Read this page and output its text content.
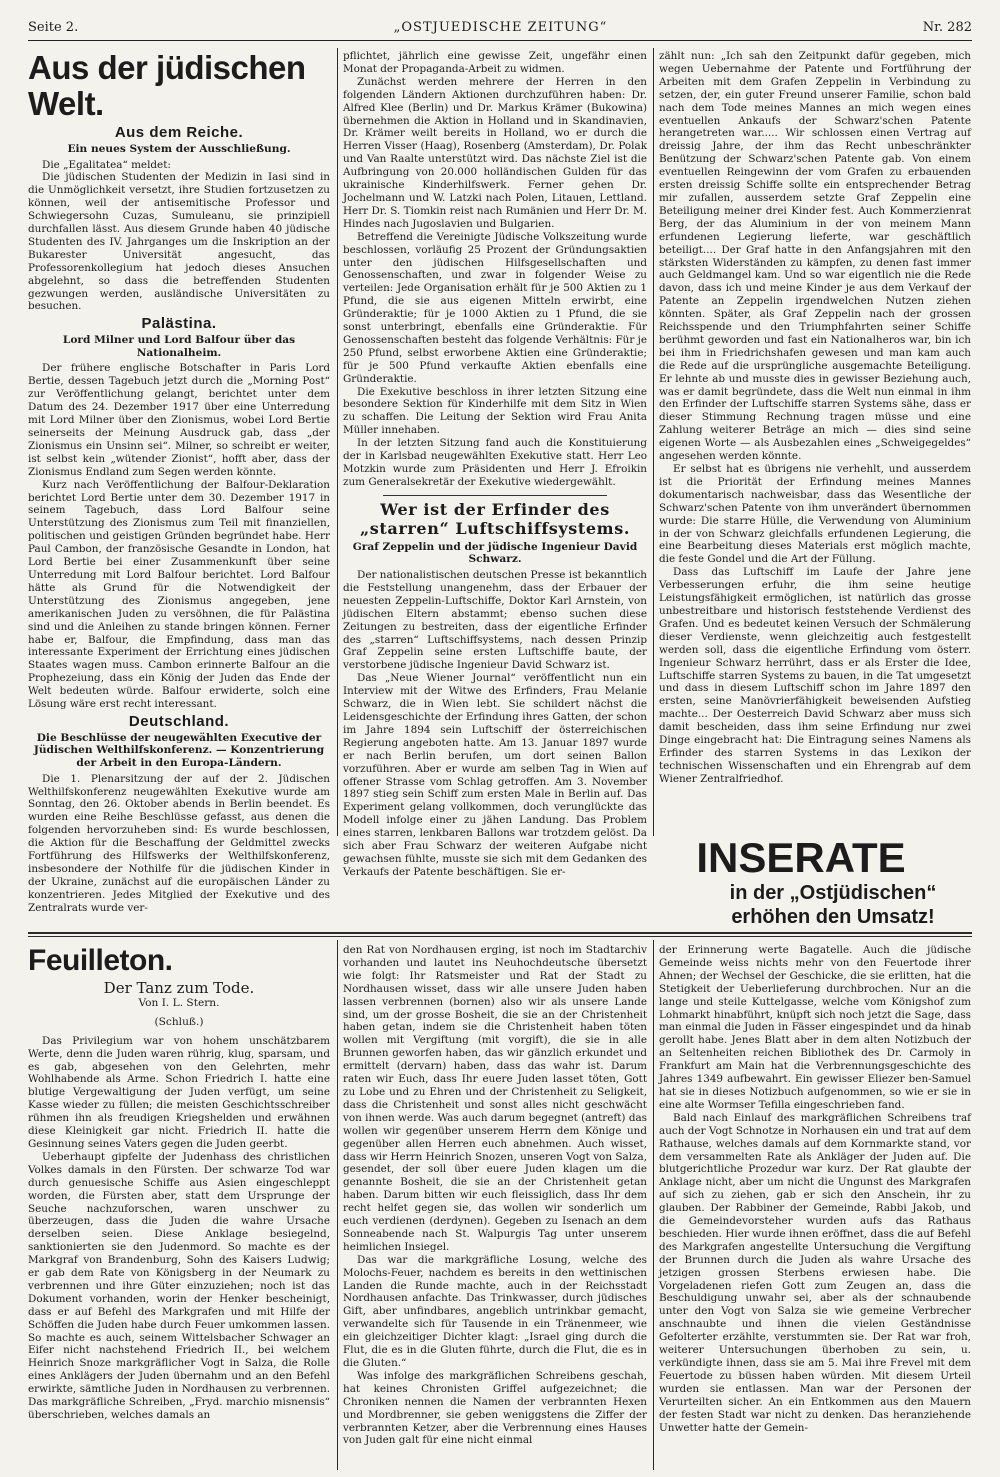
Seite 2.	„OSTJUEDISCHE ZEITUNG“	Nr. 282
Aus der jüdischen Welt.
Aus dem Reiche.
Ein neues System der Ausschließung.

Die „Egalitatea“ meldet:

Die jüdischen Studenten der Medizin in Iasi sind in die Unmöglichkeit versetzt, ihre Studien fortzusetzen zu können, weil der antisemitische Professor und Schwiegersohn Cuzas, Sumuleanu, sie prinzipiell durchfallen lässt. Aus diesem Grunde haben 40 jüdische Studenten des IV. Jahrganges um die Inskription an der Bukarester Universität angesucht, das Professorenkollegium hat jedoch dieses Ansuchen abgelehnt, so dass die betreffenden Studenten gezwungen werden, ausländische Universitäten zu besuchen.

Palästina.
Lord Milner und Lord Balfour über das Nationalheim.

Der frühere englische Botschafter in Paris Lord Bertie, dessen Tagebuch jetzt durch die „Morning Post“ zur Veröffentlichung gelangt, berichtet unter dem Datum des 24. Dezember 1917 über eine Unterredung mit Lord Milner über den Zionismus, wobei Lord Bertie seinerseits der Meinung Ausdruck gab, dass „der Zionismus ein Unsinn sei“. Milner, so schreibt er weiter, ist selbst kein „wütender Zionist“, hofft aber, dass der Zionismus Endland zum Segen werden könnte.

Kurz nach Veröffentlichung der Balfour-Deklaration berichtet Lord Bertie unter dem 30. Dezember 1917 in seinem Tagebuch, dass Lord Balfour seine Unterstützung des Zionismus zum Teil mit finanziellen, politischen und geistigen Gründen begründet habe. Herr Paul Cambon, der französische Gesandte in London, hat Lord Bertie bei einer Zusammenkunft über seine Unterredung mit Lord Balfour berichtet. Lord Balfour hätte als Grund für die Notwendigkeit der Unterstützung des Zionismus angegeben, jene amerikanischen Juden zu versöhnen, die für Palästina sind und die Anleihen zu stande bringen können. Ferner habe er, Balfour, die Empfindung, dass man das interessante Experiment der Errichtung eines jüdischen Staates wagen muss. Cambon erinnerte Balfour an die Prophezeiung, dass ein König der Juden das Ende der Welt bedeuten würde. Balfour erwiderte, solch eine Lösung wäre erst recht interessant.

Deutschland.
Die Beschlüsse der neugewählten Executive der Jüdischen Welthilfskonferenz. — Konzentrierung der Arbeit in den Europa-Ländern.

Die 1. Plenarsitzung der auf der 2. Jüdischen Welthilfskonferenz neugewählten Exekutive wurde am Sonntag, den 26. Oktober abends in Berlin beendet. Es wurden eine Reihe Beschlüsse gefasst, aus denen die folgenden hervorzuheben sind: Es wurde beschlossen, die Aktion für die Beschaffung der Geldmittel zwecks Fortführung des Hilfswerks der Welthilfskonferenz, insbesondere der Nothilfe für die jüdischen Kinder in der Ukraine, zunächst auf die europäischen Länder zu konzentrieren. Jedes Mitglied der Exekutive und des Zentralrats wurde ver-

pflichtet, jährlich eine gewisse Zeit, ungefähr einen Monat der Propaganda-Arbeit zu widmen.

Zunächst werden mehrere der Herren in den folgenden Ländern Aktionen durchzuführen haben: Dr. Alfred Klee (Berlin) und Dr. Markus Krämer (Bukowina) übernehmen die Aktion in Holland und in Skandinavien, Dr. Krämer weilt bereits in Holland, wo er durch die Herren Visser (Haag), Rosenberg (Amsterdam), Dr. Polak und Van Raalte unterstützt wird. Das nächste Ziel ist die Aufbringung von 20.000 holländischen Gulden für das ukrainische Kinderhilfswerk. Ferner gehen Dr. Jochelmann und W. Latzki nach Polen, Litauen, Lettland. Herr Dr. S. Tiomkin reist nach Rumänien und Herr Dr. M. Hindes nach Jugoslavien und Bulgarien.

Betreffend die Vereinigte Jüdische Volkszeitung wurde beschlossen, vorläufig 25 Prozent der Gründungsaktien unter den jüdischen Hilfsgesellschaften und Genossenschaften, und zwar in folgender Weise zu verteilen: Jede Organisation erhält für je 500 Aktien zu 1 Pfund, die sie aus eigenen Mitteln erwirbt, eine Gründeraktie; für je 1000 Aktien zu 1 Pfund, die sie sonst unterbringt, ebenfalls eine Gründeraktie. Für Genossenschaften besteht das folgende Verhältnis: Für je 250 Pfund, selbst erworbene Aktien eine Gründeraktie; für je 500 Pfund verkaufte Aktien ebenfalls eine Gründeraktie.

Die Exekutive beschloss in ihrer letzten Sitzung eine besondere Sektion für Kinderhilfe mit dem Sitz in Wien zu schaffen. Die Leitung der Sektion wird Frau Anita Müller innehaben.

In der letzten Sitzung fand auch die Konstituierung der in Karlsbad neugewählten Exekutive statt. Herr Leo Motzkin wurde zum Präsidenten und Herr J. Efroikin zum Generalsekretär der Exekutive wiedergewählt.

Wer ist der Erfinder des „starren“ Luftschiffsystems.
Graf Zeppelin und der jüdische Ingenieur David Schwarz.

Der nationalistischen deutschen Presse ist bekanntlich die Feststellung unangenehm, dass der Erbauer der neuesten Zeppelin-Luftschiffe, Doktor Karl Arnstein, von jüdischen Eltern abstammt; ebenso suchen diese Zeitungen zu bestreiten, dass der eigentliche Erfinder des „starren“ Luftschiffsystems, nach dessen Prinzip Graf Zeppelin seine ersten Luftschiffe baute, der verstorbene jüdische Ingenieur David Schwarz ist.

Das „Neue Wiener Journal“ veröffentlicht nun ein Interview mit der Witwe des Erfinders, Frau Melanie Schwarz, die in Wien lebt. Sie schildert nächst die Leidensgeschichte der Erfindung ihres Gatten, der schon im Jahre 1894 sein Luftschiff der österreichischen Regierung angeboten hatte. Am 13. Januar 1897 wurde er nach Berlin berufen, um dort seinen Ballon vorzuführen. Aber er wurde am selben Tag in Wien auf offener Strasse vom Schlag getroffen. Am 3. November 1897 stieg sein Schiff zum ersten Male in Berlin auf. Das Experiment gelang vollkommen, doch verunglückte das Modell infolge einer zu jähen Landung. Das Problem eines starren, lenkbaren Ballons war trotzdem gelöst. Da sich aber Frau Schwarz der weiteren Aufgabe nicht gewachsen fühlte, musste sie sich mit dem Gedanken des Verkaufs der Patente beschäftigen. Sie er-

zählt nun: „Ich sah den Zeitpunkt dafür gegeben, mich wegen Uebernahme der Patente und Fortführung der Arbeiten mit dem Grafen Zeppelin in Verbindung zu setzen, der, ein guter Freund unserer Familie, schon bald nach dem Tode meines Mannes an mich wegen eines eventuellen Ankaufs der Schwarz'schen Patente herangetreten war..... Wir schlossen einen Vertrag auf dreissig Jahre, der ihm das Recht unbeschränkter Benützung der Schwarz'schen Patente gab. Von einem eventuellen Reingewinn der vom Grafen zu erbauenden ersten dreissig Schiffe sollte ein entsprechender Betrag mir zufallen, ausserdem setzte Graf Zeppelin eine Beteiligung meiner drei Kinder fest. Auch Kommerzienrat Berg, der das Aluminium in der von meinem Mann erfundenen Legierung lieferte, war geschäftlich beteiligt.... Der Graf hatte in den Anfangsjahren mit den stärksten Widerständen zu kämpfen, zu denen fast immer auch Geldmangel kam. Und so war eigentlich nie die Rede davon, dass ich und meine Kinder je aus dem Verkauf der Patente an Zeppelin irgendwelchen Nutzen ziehen könnten. Später, als Graf Zeppelin nach der grossen Reichsspende und den Triumphfahrten seiner Schiffe berühmt geworden und fast ein Nationalheros war, bin ich bei ihm in Friedrichshafen gewesen und man kam auch die Rede auf die ursprüngliche ausgemachte Beteiligung. Er lehnte ab und musste dies in gewisser Beziehung auch, was er damit begründete, dass die Welt nun einmal in ihm den Erfinder der Luftschiffe starren Systems sähe, dass er dieser Stimmung Rechnung tragen müsse und eine Zahlung weiterer Beträge an mich — dies sind seine eigenen Worte — als Ausbezahlen eines „Schweigegeldes“ angesehen werden könnte.

Er selbst hat es übrigens nie verhehlt, und ausserdem ist die Priorität der Erfindung meines Mannes dokumentarisch nachweisbar, dass das Wesentliche der Schwarz'schen Patente von ihm unverändert übernommen wurde: Die starre Hülle, die Verwendung von Aluminium in der von Schwarz gleichfalls erfundenen Legierung, die eine Bearbeitung dieses Materials erst möglich machte, die feste Gondel und die Art der Füllung.

Dass das Luftschiff im Laufe der Jahre jene Verbesserungen erfuhr, die ihm seine heutige Leistungsfähigkeit ermöglichen, ist natürlich das grosse unbestreitbare und historisch feststehende Verdienst des Grafen. Und es bedeutet keinen Versuch der Schmälerung dieser Verdienste, wenn gleichzeitig auch festgestellt werden soll, dass die eigentliche Erfindung vom österr. Ingenieur Schwarz herrührt, dass er als Erster die Idee, Luftschiffe starren Systems zu bauen, in die Tat umgesetzt und dass in diesem Luftschiff schon im Jahre 1897 den ersten, seine Manövrierfähigkeit beweisenden Aufstieg machte... Der Oesterreich David Schwarz aber muss sich damit bescheiden, dass ihm seine Erfindung nur zwei Dinge eingebracht hat: Die Eintragung seines Namens als Erfinder des starren Systems in das Lexikon der technischen Wissenschaften und ein Ehrengrab auf dem Wiener Zentralfriedhof.

INSERATE
in der „Ostjüdischen“
erhöhen den Umsatz!
Feuilleton.
Der Tanz zum Tode.
Von I. L. Stern.
(Schluß.)

Das Privilegium war von hohem unschätzbarem Werte, denn die Juden waren rührig, klug, sparsam, und es gab, abgesehen von den Gelehrten, mehr Wohlhabende als Arme. Schon Friedrich I. hatte eine blutige Vergewaltigung der Juden verfügt, um seine Kasse wieder zu füllen; die meisten Geschichtsschreiber rühmen ihn als freudigen Kriegshelden und erwähnen diese Kleinigkeit gar nicht. Friedrich II. hatte die Gesinnung seines Vaters gegen die Juden geerbt.

Ueberhaupt gipfelte der Judenhass des christlichen Volkes damals in den Fürsten. Der schwarze Tod war durch genuesische Schiffe aus Asien eingeschleppt worden, die Fürsten aber, statt dem Ursprunge der Seuche nachzuforschen, waren unschwer zu überzeugen, dass die Juden die wahre Ursache derselben seien. Diese Anklage besiegelnd, sanktionierten sie den Judenmord. So machte es der Markgraf von Brandenburg, Sohn des Kaisers Ludwig; er gab dem Rate von Königsberg in der Neumark zu verbrennen und ihre Güter einzuziehen; noch ist das Dokument vorhanden, worin der Henker bescheinigt, dass er auf Befehl des Markgrafen und mit Hilfe der Schöffen die Juden habe durch Feuer umkommen lassen. So machte es auch, seinem Wittelsbacher Schwager an Eifer nicht nachstehend Friedrich II., bei welchem Heinrich Snoze markgräflicher Vogt in Salza, die Rolle eines Anklägers der Juden übernahm und an den Befehl erwirkte, sämtliche Juden in Nordhausen zu verbrennen. Das markgräfliche Schreiben, „Fryd. marchio misnensis“ überschrieben, welches damals an

den Rat von Nordhausen erging, ist noch im Stadtarchiv vorhanden und lautet ins Neuhochdeutsche übersetzt wie folgt: Ihr Ratsmeister und Rat der Stadt zu Nordhausen wisset, dass wir alle unsere Juden haben lassen verbrennen (bornen) also wir als unsere Lande sind, um der grosse Bosheit, die sie an der Christenheit haben getan, indem sie die Christenheit haben töten wollen mit Vergiftung (mit vorgift), die sie in alle Brunnen geworfen haben, das wir gänzlich erkundet und ermittelt (dervarn) haben, dass das wahr ist. Darum raten wir Euch, dass Ihr euere Juden lasset töten, Gott zu Lobe und zu Ehren und der Christenheit zu Seligkeit, dass die Christenheit und sonst alles nicht geschwächt von ihnen werde. Was auch darum begegnet (antreft) das wollen wir gegenüber unserem Herrn dem Könige und gegenüber allen Herren euch abnehmen. Auch wisset, dass wir Herrn Heinrich Snozen, unseren Vogt von Salza, gesendet, der soll über euere Juden klagen um die genannte Bosheit, die sie an der Christenheit getan haben. Darum bitten wir euch fleissiglich, dass Ihr dem recht helfet gegen sie, das wollen wir sonderlich um euch verdienen (derdynen). Gegeben zu Isenach an dem Sonneabende nach St. Walpurgis Tag unter unserem heimlichen Insiegel.

Das war die markgräfliche Losung, welche des Molochs-Feuer, nachdem es bereits in den wettinischen Landen die Runde machte, auch in der Reichsstadt Nordhausen anfachte. Das Trinkwasser, durch jüdisches Gift, aber unfindbares, angeblich untrinkbar gemacht, verwandelte sich für Tausende in ein Tränenmeer, wie ein gleichzeitiger Dichter klagt: „Israel ging durch die Flut, die es in die Gluten führte, durch die Flut, die es in die Gluten.“

Was infolge des markgräflichen Schreibens geschah, hat keines Chronisten Griffel aufgezeichnet; die Chroniken nennen die Namen der verbrannten Hexen und Mordbrenner, sie geben weniggstens die Ziffer der verbrannten Ketzer, aber die Verbrennung eines Hauses von Juden galt für eine nicht einmal

der Erinnerung werte Bagatelle. Auch die jüdische Gemeinde weiss nichts mehr von den Feuertode ihrer Ahnen; der Wechsel der Geschicke, die sie erlitten, hat die Stetigkeit der Ueberlieferung durchbrochen. Nur an die lange und steile Kuttelgasse, welche vom Königshof zum Lohmarkt hinabführt, knüpft sich noch jetzt die Sage, dass man einmal die Juden in Fässer eingespindet und da hinab gerollt habe. Jenes Blatt aber in dem alten Notizbuch der an Seltenheiten reichen Bibliothek des Dr. Carmoly in Frankfurt am Main hat die Verbrennungsgeschichte des Jahres 1349 aufbewahrt. Ein gewisser Eliezer ben-Samuel hat sie in dieses Notizbuch aufgenommen, so wie er sie in eine alte Wormser Tefilla eingeschrieben fand.

Bald nach Einlauf des markgräflichen Schreibens traf auch der Vogt Schnotze in Norhausen ein und trat auf dem Rathause, welches damals auf dem Kornmarkte stand, vor dem versammelten Rate als Ankläger der Juden auf. Die blutgerichtliche Prozedur war kurz. Der Rat glaubte der Anklage nicht, aber um nicht die Ungunst des Markgrafen auf sich zu ziehen, gab er sich den Anschein, ihr zu glauben. Der Rabbiner der Gemeinde, Rabbi Jakob, und die Gemeindevorsteher wurden aufs das Rathaus beschieden. Hier wurde ihnen eröffnet, dass die auf Befehl des Markgrafen angestellte Untersuchung die Vergiftung der Brunnen durch die Juden als wahre Ursache des jetzigen grossen Sterbens erwiesen habe. Die Vorgeladenen riefen Gott zum Zeugen an, dass die Beschuldigung unwahr sei, aber als der schnaubende unter den Vogt von Salza sie wie gemeine Verbrecher anschnaubte und ihnen die vielen Geständnisse Gefolterter erzählte, verstummten sie. Der Rat war froh, weiterer Untersuchungen überhoben zu sein, u. verkündigte ihnen, dass sie am 5. Mai ihre Frevel mit dem Feuertode zu büssen haben würden. Mit diesem Urteil wurden sie entlassen. Man war der Personen der Verurteilten sicher. An ein Entkommen aus den Mauern der festen Stadt war nicht zu denken. Das heranziehende Unwetter hatte der Gemein-
